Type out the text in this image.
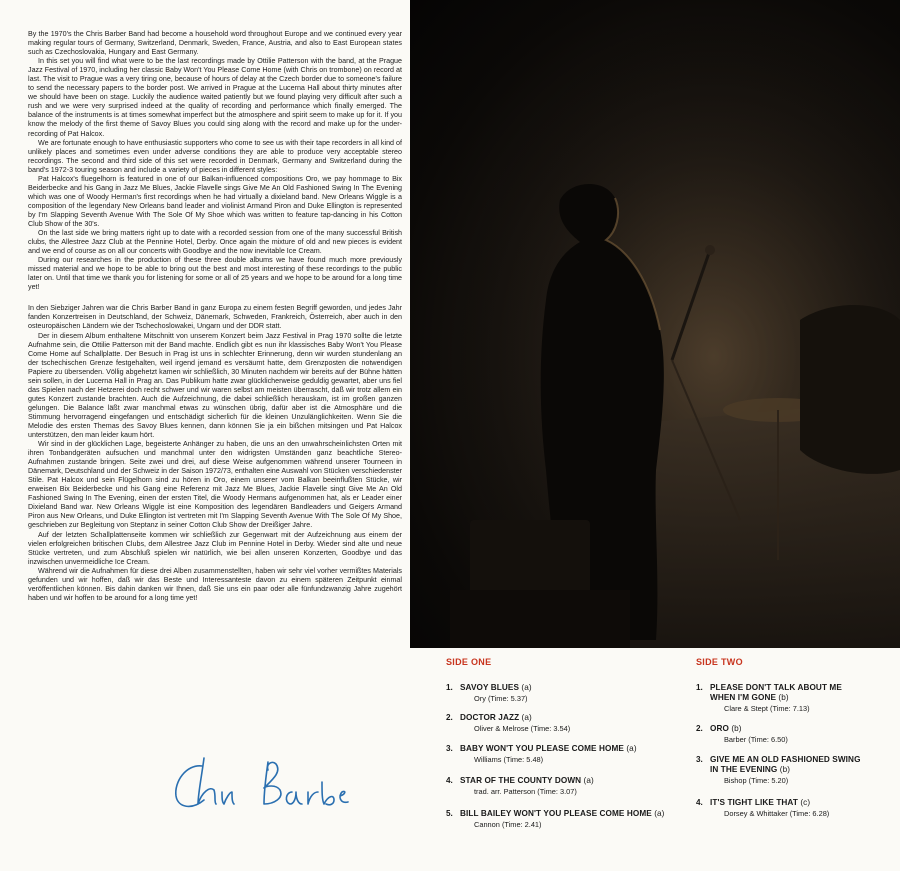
By the 1970's the Chris Barber Band had become a household word throughout Europe and we continued every year making regular tours of Germany, Switzerland, Denmark, Sweden, France, Austria, and also to East European states such as Czechoslovakia, Hungary and East Germany.

In this set you will find what were to be the last recordings made by Ottilie Patterson with the band, at the Prague Jazz Festival of 1970, including her classic Baby Won't You Please Come Home (with Chris on trombone) on record at last. The visit to Prague was a very tiring one, because of hours of delay at the Czech border due to someone's failure to send the necessary papers to the border post. We arrived in Prague at the Lucerna Hall about thirty minutes after we should have been on stage. Luckily the audience waited patiently but we found playing very difficult after such a rush and we were very surprised indeed at the quality of recording and performance which finally emerged. The balance of the instruments is at times somewhat imperfect but the atmosphere and spirit seem to make up for it. If you know the melody of the first theme of Savoy Blues you could sing along with the record and make up for the under-recording of Pat Halcox.

We are fortunate enough to have enthusiastic supporters who come to see us with their tape recorders in all kind of unlikely places and sometimes even under adverse conditions they are able to produce very acceptable stereo recordings. The second and third side of this set were recorded in Denmark, Germany and Switzerland during the band's 1972-3 touring season and include a variety of pieces in different styles:

Pat Halcox's fluegelhorn is featured in one of our Balkan-influenced compositions Oro, we pay hommage to Bix Beiderbecke and his Gang in Jazz Me Blues, Jackie Flavelle sings Give Me An Old Fashioned Swing In The Evening which was one of Woody Herman's first recordings when he had virtually a dixieland band. New Orleans Wiggle is a composition of the legendary New Orleans band leader and violinist Armand Piron and Duke Ellington is represented by I'm Slapping Seventh Avenue With The Sole Of My Shoe which was written to feature tap-dancing in his Cotton Club Show of the 30's.

On the last side we bring matters right up to date with a recorded session from one of the many successful British clubs, the Allestree Jazz Club at the Pennine Hotel, Derby. Once again the mixture of old and new pieces is evident and we end of course as on all our concerts with Goodbye and the now inevitable Ice Cream.

During our researches in the production of these three double albums we have found much more previously missed material and we hope to be able to bring out the best and most interesting of these recordings to the public later on. Until that time we thank you for listening for some or all of 25 years and we hope to be around for a long time yet!

In den Siebziger Jahren war die Chris Barber Band in ganz Europa zu einem festen Begriff geworden, und jedes Jahr fanden Konzertreisen in Deutschland, der Schweiz, Dänemark, Schweden, Frankreich, Österreich, aber auch in den osteuropäischen Ländern wie der Tschechoslowakei, Ungarn und der DDR statt.

Der in diesem Album enthaltene Mitschnitt von unserem Konzert beim Jazz Festival in Prag 1970 sollte die letzte Aufnahme sein, die Ottilie Patterson mit der Band machte. Endlich gibt es nun ihr klassisches Baby Won't You Please Come Home auf Schallplatte. Der Besuch in Prag ist uns in schlechter Erinnerung, denn wir wurden stundenlang an der tschechischen Grenze festgehalten, weil irgend jemand es versäumt hatte, dem Grenzposten die notwendigen Papiere zu übersenden. Völlig abgehetzt kamen wir schließlich, 30 Minuten nachdem wir bereits auf der Bühne hätten sein sollen, in der Lucerna Hall in Prag an. Das Publikum hatte zwar glücklicherweise geduldig gewartet, aber uns fiel das Spielen nach der Hetzerei doch recht schwer und wir waren selbst am meisten überrascht, daß wir trotz allem ein gutes Konzert zustande brachten. Auch die Aufzeichnung, die dabei schließlich herauskam, ist im großen ganzen gelungen. Die Balance läßt zwar manchmal etwas zu wünschen übrig, dafür aber ist die Atmosphäre und die Stimmung hervorragend eingefangen und entschädigt sicherlich für die kleinen Unzulänglichkeiten. Wenn Sie die Melodie des ersten Themas des Savoy Blues kennen, dann können Sie ja ein bißchen mitsingen und Pat Halcox unterstützen, den man leider kaum hört.

Wir sind in der glücklichen Lage, begeisterte Anhänger zu haben, die uns an den unwahrscheinlichsten Orten mit ihren Tonbandgeräten aufsuchen und manchmal unter den widrigsten Umständen ganz beachtliche Stereo-Aufnahmen zustande bringen. Seite zwei und drei, auf diese Weise aufgenommen während unserer Tourneen in Dänemark, Deutschland und der Schweiz in der Saison 1972/73, enthalten eine Auswahl von Stücken verschiedenster Stile. Pat Halcox und sein Flügelhorn sind zu hören in Oro, einem unserer vom Balkan beeinflußten Stücke, wir erweisen Bix Beiderbecke und his Gang eine Referenz mit Jazz Me Blues, Jackie Flavelle singt Give Me An Old Fashioned Swing In The Evening, einen der ersten Titel, die Woody Hermans aufgenommen hat, als er Leader einer Dixieland Band war. New Orleans Wiggle ist eine Komposition des legendären Bandleaders und Geigers Armand Piron aus New Orleans, und Duke Ellington ist vertreten mit I'm Slapping Seventh Avenue With The Sole Of My Shoe, geschrieben zur Begleitung von Steptanz in seiner Cotton Club Show der Dreißiger Jahre.

Auf der letzten Schallplattenseite kommen wir schließlich zur Gegenwart mit der Aufzeichnung aus einem der vielen erfolgreichen britischen Clubs, dem Allestree Jazz Club im Pennine Hotel in Derby. Wieder sind alte und neue Stücke vertreten, und zum Abschluß spielen wir natürlich, wie bei allen unseren Konzerten, Goodbye und das inzwischen unvermeidliche Ice Cream.

Während wir die Aufnahmen für diese drei Alben zusammenstellten, haben wir sehr viel vorher vermißtes Materials gefunden und wir hoffen, daß wir das Beste und Interessanteste davon zu einem späteren Zeitpunkt einmal veröffentlichen können. Bis dahin danken wir Ihnen, daß Sie uns ein paar oder alle fünfundzwanzig Jahre zugehört haben und wir hoffen to be around for a long time yet!

SIDE ONE	SIDE TWO
1. SAVOY BLUES (a)
Ory (Time: 5.37)
2. DOCTOR JAZZ (a)
Oliver & Melrose (Time: 3.54)
3. BABY WON'T YOU PLEASE COME HOME (a)
Williams (Time: 5.48)
4. STAR OF THE COUNTY DOWN (a)
trad. arr. Patterson (Time: 3.07)
5. BILL BAILEY WON'T YOU PLEASE COME HOME (a)
Cannon (Time: 2.41)
1. PLEASE DON'T TALK ABOUT ME
WHEN I'M GONE (b)
Clare & Stept (Time: 7.13)
2. ORO (b)
Barber (Time: 6.50)
3. GIVE ME AN OLD FASHIONED SWING
IN THE EVENING (b)
Bishop (Time: 5.20)
4. IT'S TIGHT LIKE THAT (c)
Dorsey & Whittaker (Time: 6.28)
